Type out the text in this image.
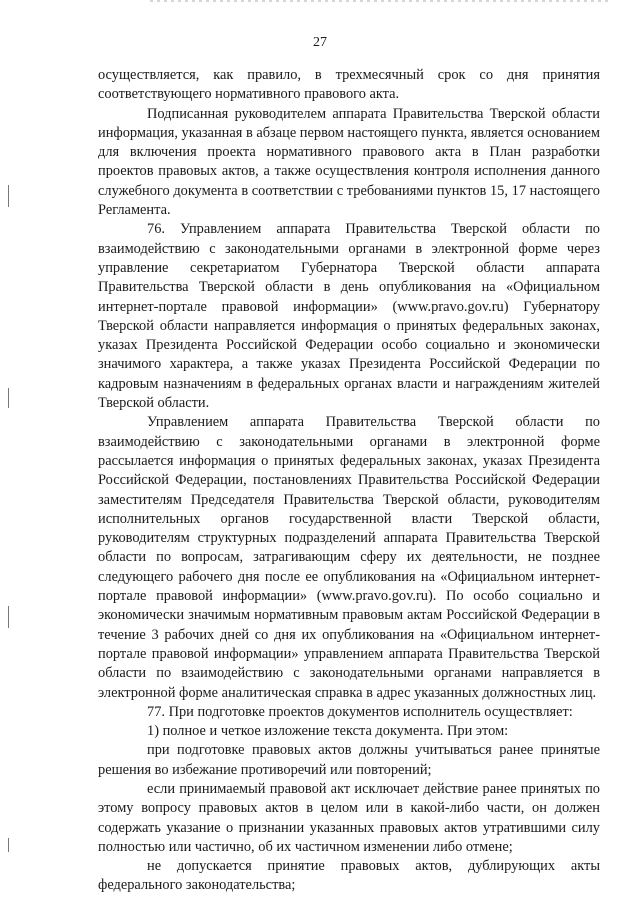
27

осуществляется, как правило, в трехмесячный срок со дня принятия соответствующего нормативного правового акта.

Подписанная руководителем аппарата Правительства Тверской области информация, указанная в абзаце первом настоящего пункта, является основанием для включения проекта нормативного правового акта в План разработки проектов правовых актов, а также осуществления контроля исполнения данного служебного документа в соответствии с требованиями пунктов 15, 17 настоящего Регламента.

76. Управлением аппарата Правительства Тверской области по взаимодействию с законодательными органами в электронной форме через управление секретариатом Губернатора Тверской области аппарата Правительства Тверской области в день опубликования на «Официальном интернет-портале правовой информации» (www.pravo.gov.ru) Губернатору Тверской области направляется информация о принятых федеральных законах, указах Президента Российской Федерации особо социально и экономически значимого характера, а также указах Президента Российской Федерации по кадровым назначениям в федеральных органах власти и награждениям жителей Тверской области.

Управлением аппарата Правительства Тверской области по взаимодействию с законодательными органами в электронной форме рассылается информация о принятых федеральных законах, указах Президента Российской Федерации, постановлениях Правительства Российской Федерации заместителям Председателя Правительства Тверской области, руководителям исполнительных органов государственной власти Тверской области, руководителям структурных подразделений аппарата Правительства Тверской области по вопросам, затрагивающим сферу их деятельности, не позднее следующего рабочего дня после ее опубликования на «Официальном интернет-портале правовой информации» (www.pravo.gov.ru). По особо социально и экономически значимым нормативным правовым актам Российской Федерации в течение 3 рабочих дней со дня их опубликования на «Официальном интернет-портале правовой информации» управлением аппарата Правительства Тверской области по взаимодействию с законодательными органами направляется в электронной форме аналитическая справка в адрес указанных должностных лиц.

77. При подготовке проектов документов исполнитель осуществляет:

1) полное и четкое изложение текста документа. При этом:

при подготовке правовых актов должны учитываться ранее принятые решения во избежание противоречий или повторений;

если принимаемый правовой акт исключает действие ранее принятых по этому вопросу правовых актов в целом или в какой-либо части, он должен содержать указание о признании указанных правовых актов утратившими силу полностью или частично, об их частичном изменении либо отмене;

не допускается принятие правовых актов, дублирующих акты федерального законодательства;
